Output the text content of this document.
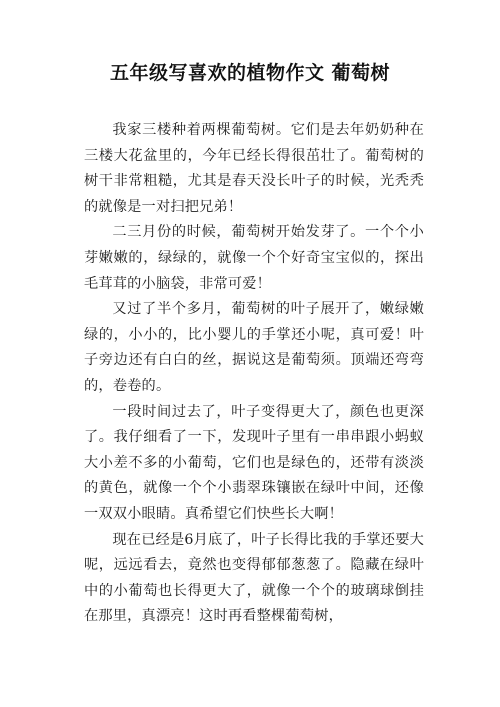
五年级写喜欢的植物作文 葡萄树

我家三楼种着两棵葡萄树。它们是去年奶奶种在三楼大花盆里的，今年已经长得很茁壮了。葡萄树的树干非常粗糙，尤其是春天没长叶子的时候，光秃秃的就像是一对扫把兄弟！

二三月份的时候，葡萄树开始发芽了。一个个小芽嫩嫩的，绿绿的，就像一个个好奇宝宝似的，探出毛茸茸的小脑袋，非常可爱！

又过了半个多月，葡萄树的叶子展开了，嫩绿嫩绿的，小小的，比小婴儿的手掌还小呢，真可爱！叶子旁边还有白白的丝，据说这是葡萄须。顶端还弯弯的，卷卷的。

一段时间过去了，叶子变得更大了，颜色也更深了。我仔细看了一下，发现叶子里有一串串跟小蚂蚁大小差不多的小葡萄，它们也是绿色的，还带有淡淡的黄色，就像一个个小翡翠珠镶嵌在绿叶中间，还像一双双小眼睛。真希望它们快些长大啊！

现在已经是6月底了，叶子长得比我的手掌还要大呢，远远看去，竟然也变得郁郁葱葱了。隐藏在绿叶中的小葡萄也长得更大了，就像一个个的玻璃球倒挂在那里，真漂亮！这时再看整棵葡萄树，
